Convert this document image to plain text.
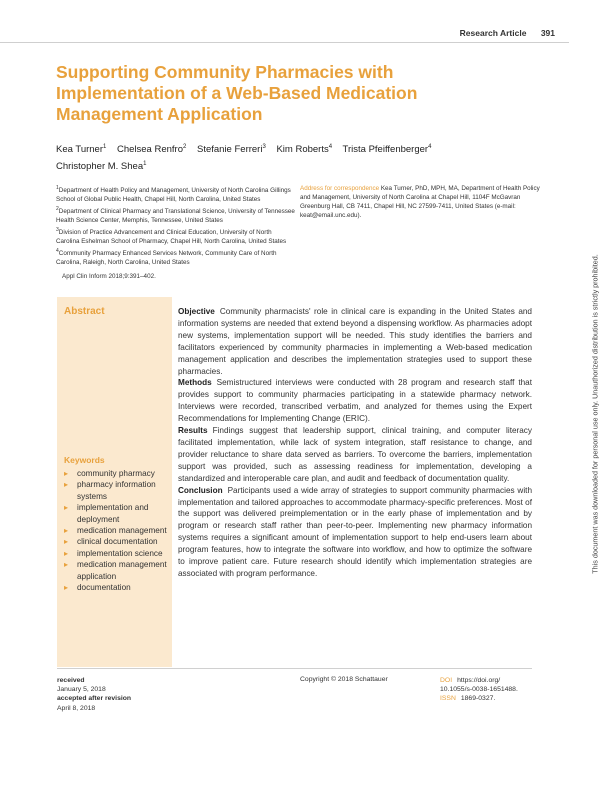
Research Article 391
Supporting Community Pharmacies with Implementation of a Web-Based Medication Management Application
Kea Turner$^1$ Chelsea Renfro$^2$ Stefanie Ferreri$^3$ Kim Roberts$^4$ Trista Pfeiffenberger$^4$
Christopher M. Shea$^1$
$^1$Department of Health Policy and Management, University of North Carolina Gillings School of Global Public Health, Chapel Hill, North Carolina, United States
$^2$Department of Clinical Pharmacy and Translational Science, University of Tennessee Health Science Center, Memphis, Tennessee, United States
$^3$Division of Practice Advancement and Clinical Education, University of North Carolina Eshelman School of Pharmacy, Chapel Hill, North Carolina, United States
$^4$Community Pharmacy Enhanced Services Network, Community Care of North Carolina, Raleigh, North Carolina, United States
Address for correspondence Kea Turner, PhD, MPH, MA, Department of Health Policy and Management, University of North Carolina at Chapel Hill, 1104F McGavran Greenburg Hall, CB 7411, Chapel Hill, NC 27599-7411, United States (e-mail: keat@email.unc.edu).
Appl Clin Inform 2018;9:391–402.
Abstract
Keywords
▸ community pharmacy
▸ pharmacy information systems
▸ implementation and deployment
▸ medication management
▸ clinical documentation
▸ implementation science
▸ medication management application
▸ documentation

Objective Community pharmacists' role in clinical care is expanding in the United States and information systems are needed that extend beyond a dispensing workflow. As pharmacies adopt new systems, implementation support will be needed. This study identifies the barriers and facilitators experienced by community pharmacies in implementing a Web-based medication management application and describes the implementation strategies used to support these pharmacies.

Methods Semistructured interviews were conducted with 28 program and research staff that provides support to community pharmacies participating in a statewide pharmacy network. Interviews were recorded, transcribed verbatim, and analyzed for themes using the Expert Recommendations for Implementing Change (ERIC).

Results Findings suggest that leadership support, clinical training, and computer literacy facilitated implementation, while lack of system integration, staff resistance to change, and provider reluctance to share data served as barriers. To overcome the barriers, implementation support was provided, such as assessing readiness for implementation, developing a standardized and interoperable care plan, and audit and feedback of documentation quality.

Conclusion Participants used a wide array of strategies to support community pharmacies with implementation and tailored approaches to accommodate pharmacy-specific preferences. Most of the support was delivered preimplementation or in the early phase of implementation and by program or research staff rather than peer-to-peer. Implementing new pharmacy information systems requires a significant amount of implementation support to help end-users learn about program features, how to integrate the software into workflow, and how to optimize the software to improve patient care. Future research should identify which implementation strategies are associated with program performance.

received
January 5, 2018
accepted after revision
April 8, 2018
Copyright © 2018 Schattauer	DOI https://doi.org/
10.1055/s-0038-1651488.
ISSN 1869-0327.
This document was downloaded for personal use only. Unauthorized distribution is strictly prohibited.
